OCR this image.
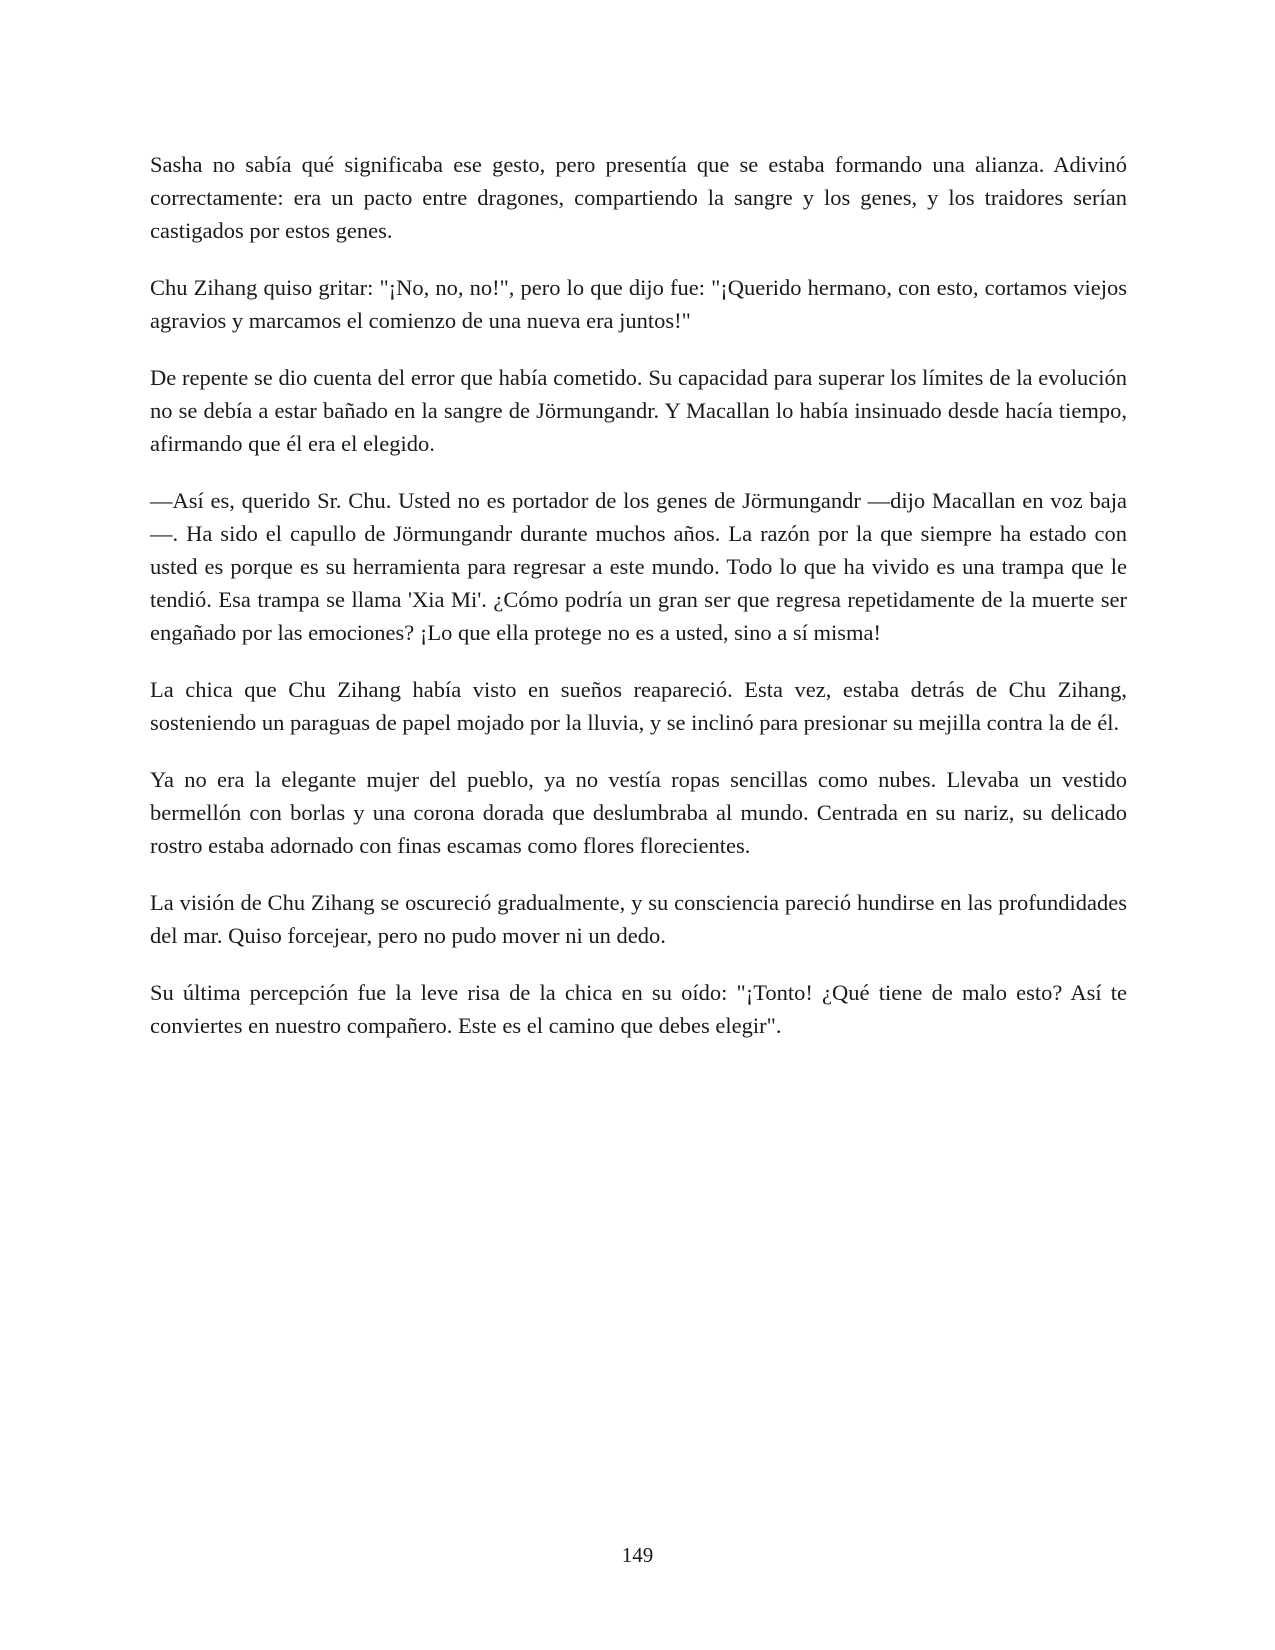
Sasha no sabía qué significaba ese gesto, pero presentía que se estaba formando una alianza. Adivinó correctamente: era un pacto entre dragones, compartiendo la sangre y los genes, y los traidores serían castigados por estos genes.

Chu Zihang quiso gritar: "¡No, no, no!", pero lo que dijo fue: "¡Querido hermano, con esto, cortamos viejos agravios y marcamos el comienzo de una nueva era juntos!"

De repente se dio cuenta del error que había cometido. Su capacidad para superar los límites de la evolución no se debía a estar bañado en la sangre de Jörmungandr. Y Macallan lo había insinuado desde hacía tiempo, afirmando que él era el elegido.

—Así es, querido Sr. Chu. Usted no es portador de los genes de Jörmungandr —dijo Macallan en voz baja—. Ha sido el capullo de Jörmungandr durante muchos años. La razón por la que siempre ha estado con usted es porque es su herramienta para regresar a este mundo. Todo lo que ha vivido es una trampa que le tendió. Esa trampa se llama 'Xia Mi'. ¿Cómo podría un gran ser que regresa repetidamente de la muerte ser engañado por las emociones? ¡Lo que ella protege no es a usted, sino a sí misma!

La chica que Chu Zihang había visto en sueños reapareció. Esta vez, estaba detrás de Chu Zihang, sosteniendo un paraguas de papel mojado por la lluvia, y se inclinó para presionar su mejilla contra la de él.

Ya no era la elegante mujer del pueblo, ya no vestía ropas sencillas como nubes. Llevaba un vestido bermellón con borlas y una corona dorada que deslumbraba al mundo. Centrada en su nariz, su delicado rostro estaba adornado con finas escamas como flores florecientes.

La visión de Chu Zihang se oscureció gradualmente, y su consciencia pareció hundirse en las profundidades del mar. Quiso forcejear, pero no pudo mover ni un dedo.

Su última percepción fue la leve risa de la chica en su oído: "¡Tonto! ¿Qué tiene de malo esto? Así te conviertes en nuestro compañero. Este es el camino que debes elegir".

149
